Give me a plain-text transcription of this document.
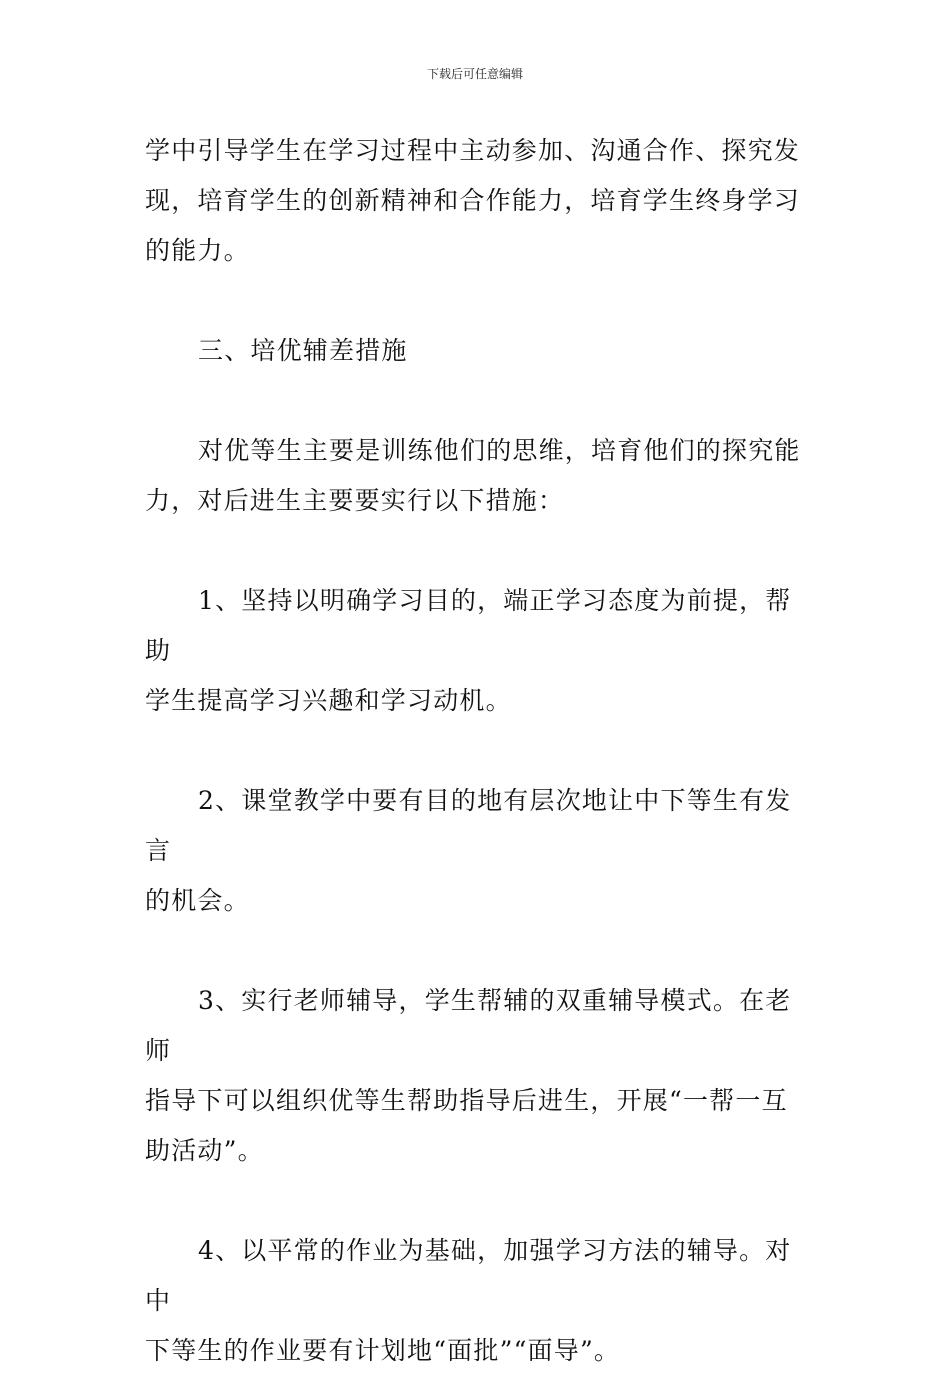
下载后可任意编辑

学中引导学生在学习过程中主动参加、沟通合作、探究发
现，培育学生的创新精神和合作能力，培育学生终身学习
的能力。

三、培优辅差措施

对优等生主要是训练他们的思维，培育他们的探究能
力，对后进生主要要实行以下措施：

1、坚持以明确学习目的，端正学习态度为前提，帮助
学生提高学习兴趣和学习动机。

2、课堂教学中要有目的地有层次地让中下等生有发言
的机会。

3、实行老师辅导，学生帮辅的双重辅导模式。在老师
指导下可以组织优等生帮助指导后进生，开展“一帮一互
助活动”。

4、以平常的作业为基础，加强学习方法的辅导。对中
下等生的作业要有计划地“面批”“面导”。
